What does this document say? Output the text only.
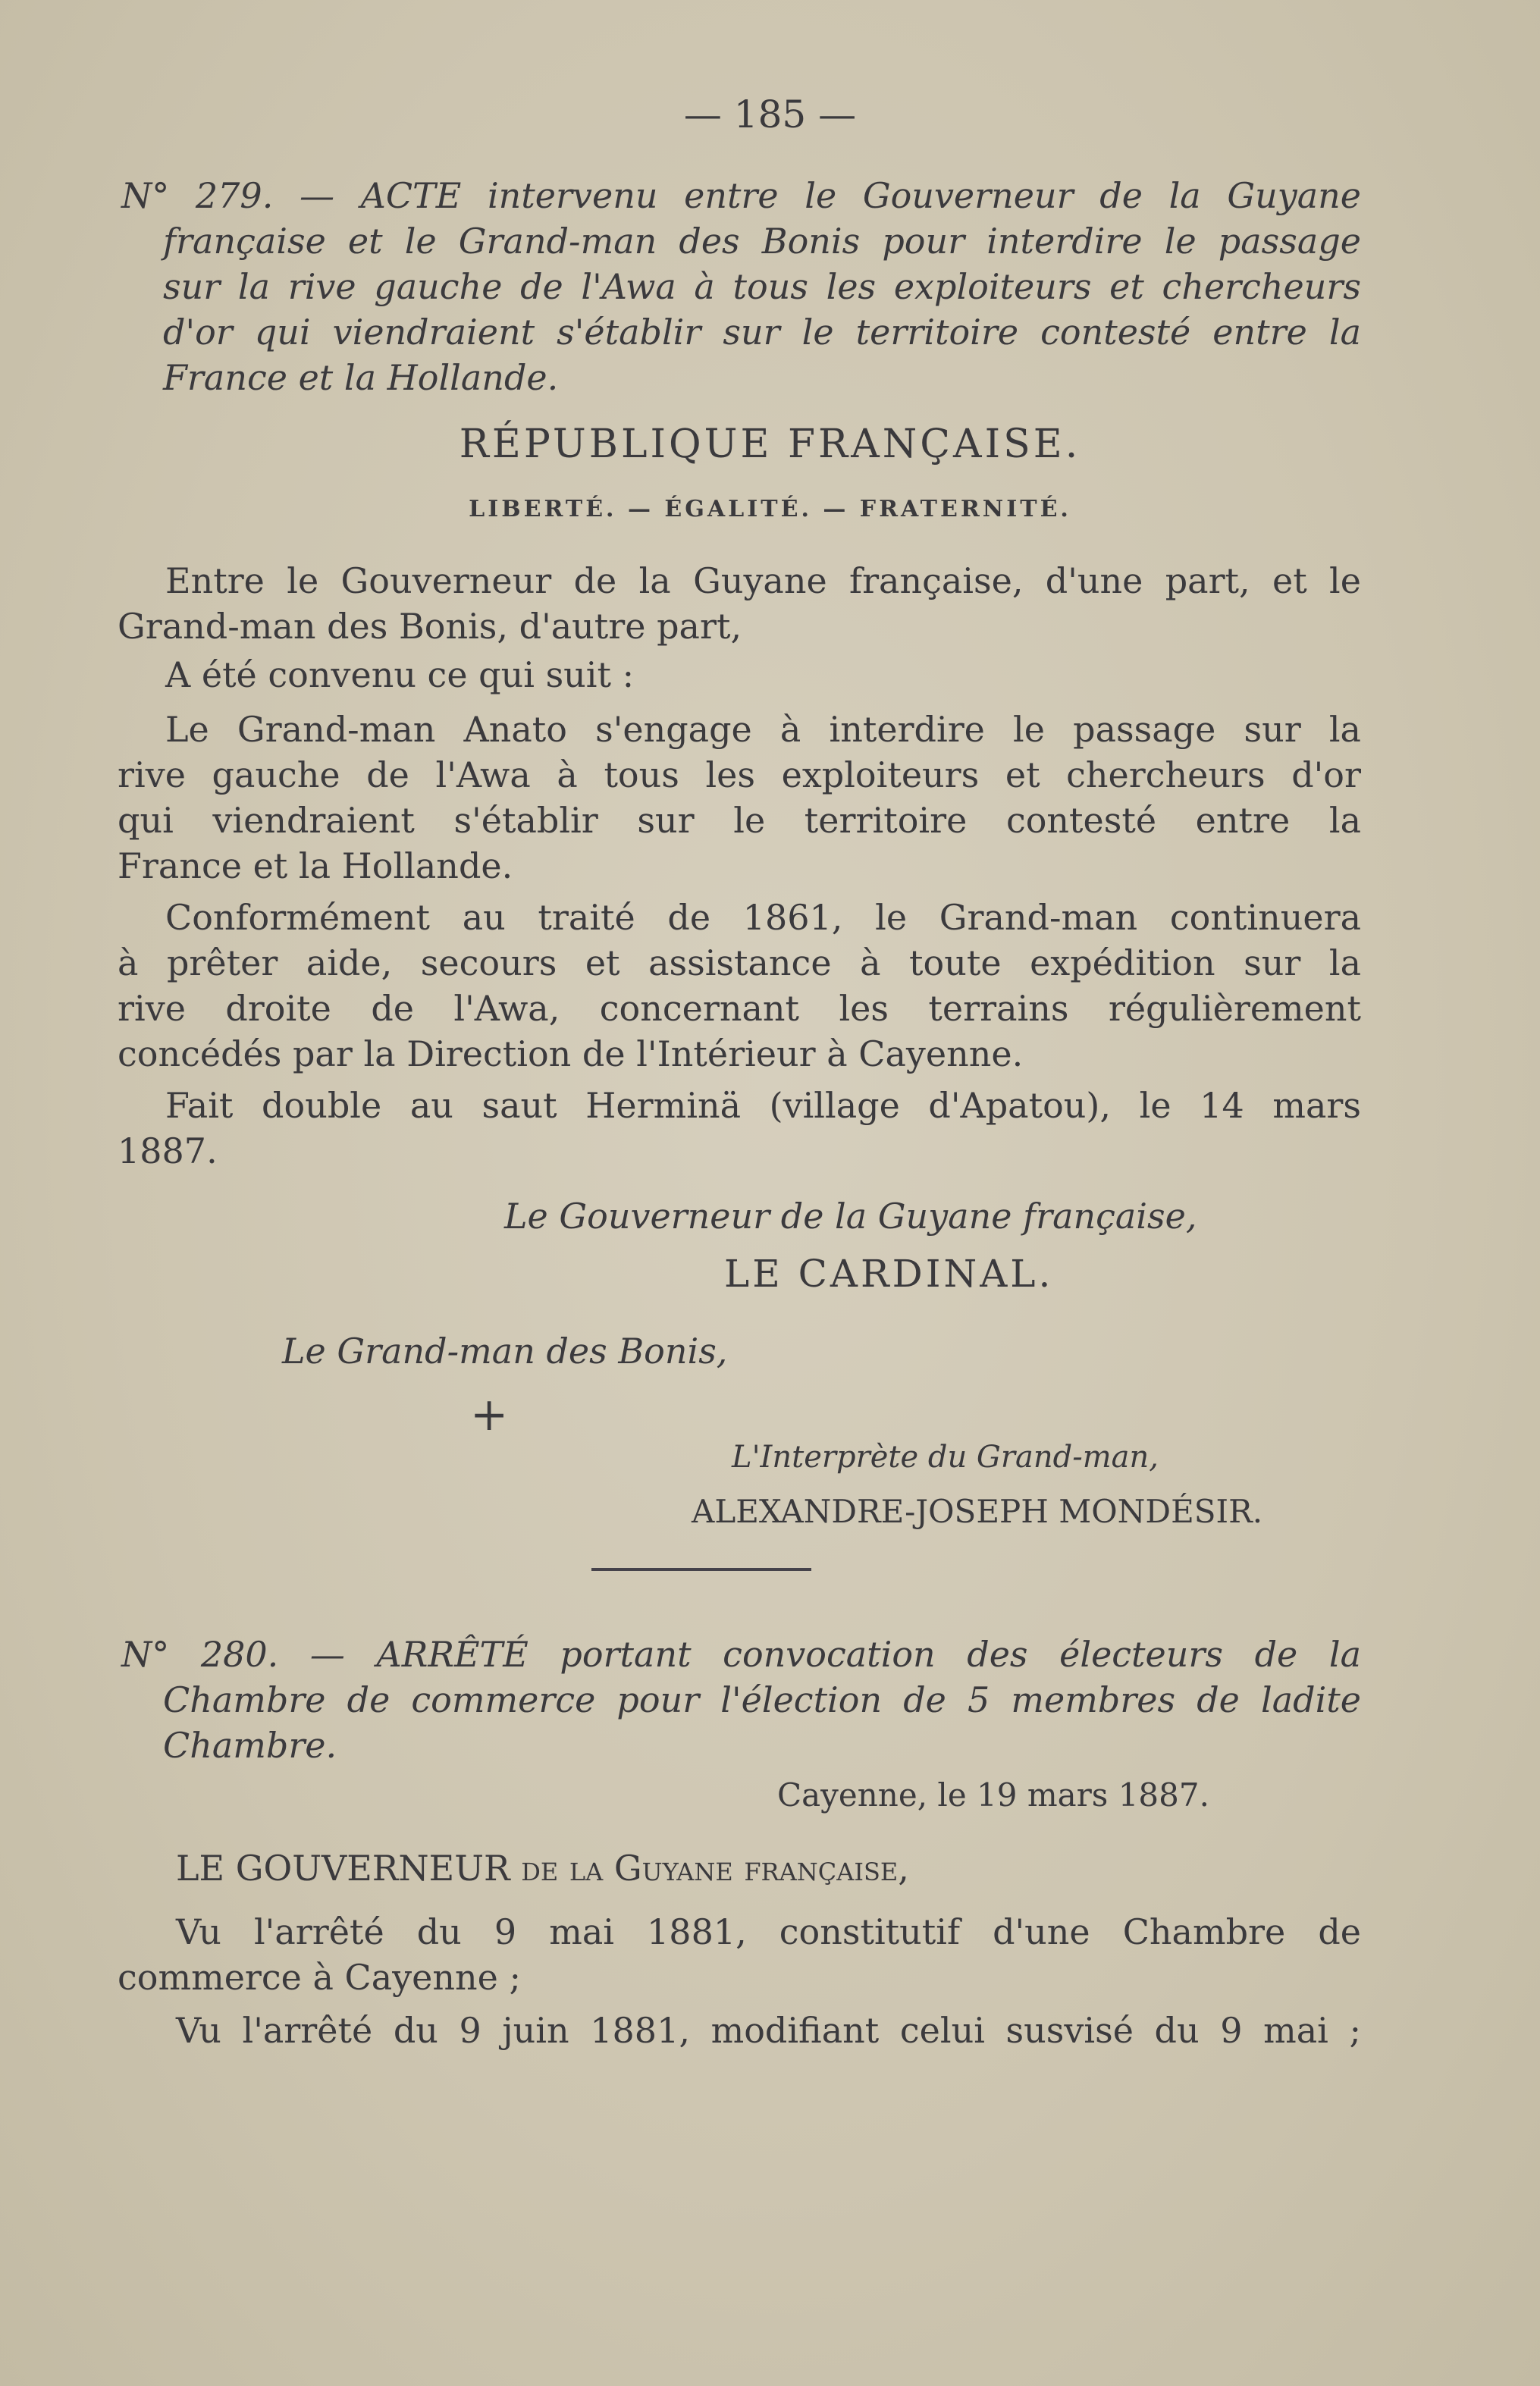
— 185 —
N° 279. — ACTE intervenu entre le Gouverneur de la Guyane
française et le Grand-man des Bonis pour interdire le passage
sur la rive gauche de l'Awa à tous les exploiteurs et chercheurs
d'or qui viendraient s'établir sur le territoire contesté entre la
France et la Hollande.
RÉPUBLIQUE FRANÇAISE.
LIBERTÉ. — ÉGALITÉ. — FRATERNITÉ.
Entre le Gouverneur de la Guyane française, d'une part, et le
Grand-man des Bonis, d'autre part,
A été convenu ce qui suit :
Le Grand-man Anato s'engage à interdire le passage sur la
rive gauche de l'Awa à tous les exploiteurs et chercheurs d'or
qui viendraient s'établir sur le territoire contesté entre la
France et la Hollande.
Conformément au traité de 1861, le Grand-man continuera
à prêter aide, secours et assistance à toute expédition sur la
rive droite de l'Awa, concernant les terrains régulièrement
concédés par la Direction de l'Intérieur à Cayenne.
Fait double au saut Herminä (village d'Apatou), le 14 mars
1887.
Le Gouverneur de la Guyane française,
LE CARDINAL.
Le Grand-man des Bonis,
+
L'Interprète du Grand-man,
ALEXANDRE-JOSEPH MONDÉSIR.
N° 280. — ARRÊTÉ portant convocation des électeurs de la
Chambre de commerce pour l'élection de 5 membres de ladite
Chambre.
Cayenne, le 19 mars 1887.
LE GOUVERNEUR de la Guyane française,
Vu l'arrêté du 9 mai 1881, constitutif d'une Chambre de
commerce à Cayenne ;
Vu l'arrêté du 9 juin 1881, modifiant celui susvisé du 9 mai ;
